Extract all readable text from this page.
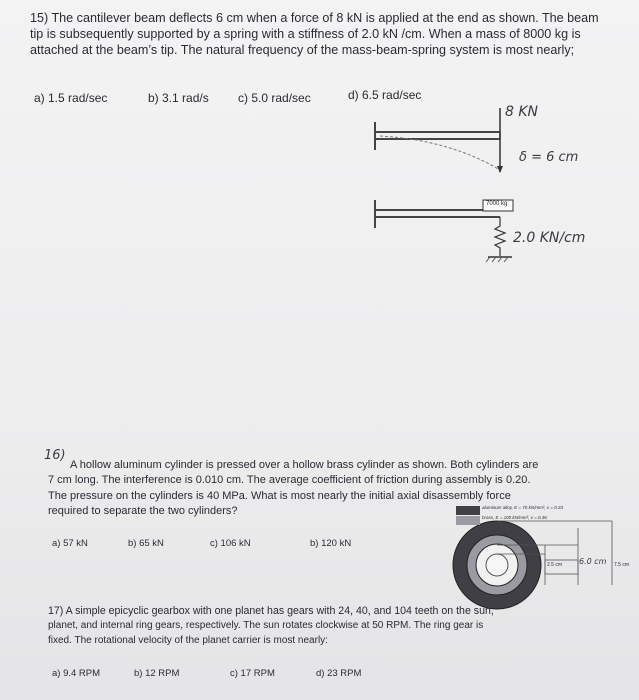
15) The cantilever beam deflects 6 cm when a force of 8 kN is applied at the end as shown. The beam
tip is subsequently supported by a spring with a stiffness of 2.0 kN /cm. When a mass of 8000 kg is
attached at the beam’s tip. The natural frequency of the mass-beam-spring system is most nearly;
a) 1.5 rad/sec	b) 3.1 rad/s c) 5.0 rad/sec	d) 6.5 rad/sec
8 KN
δ = 6 cm
7000 kg
2.0 KN/cm
16)
A hollow aluminum cylinder is pressed over a hollow brass cylinder as shown. Both cylinders are
7 cm long. The interference is 0.010 cm. The average coefficient of friction during assembly is 0.20.
The pressure on the cylinders is 40 MPa. What is most nearly the initial axial disassembly force
required to separate the two cylinders?
a) 57 kN	b) 65 kN	c) 106 kN	b) 120 kN
aluminum alloy, E = 70 kN/mm², ν = 0.33
brass, E = 100 kN/mm², ν = 0.36
2.5 cm 6.0 cm 7.5 cm
17) A simple epicyclic gearbox with one planet has gears with 24, 40, and 104 teeth on the sun,
planet, and internal ring gears, respectively. The sun rotates clockwise at 50 RPM. The ring gear is
fixed. The rotational velocity of the planet carrier is most nearly:
a) 9.4 RPM	b) 12 RPM	c) 17 RPM	d) 23 RPM
